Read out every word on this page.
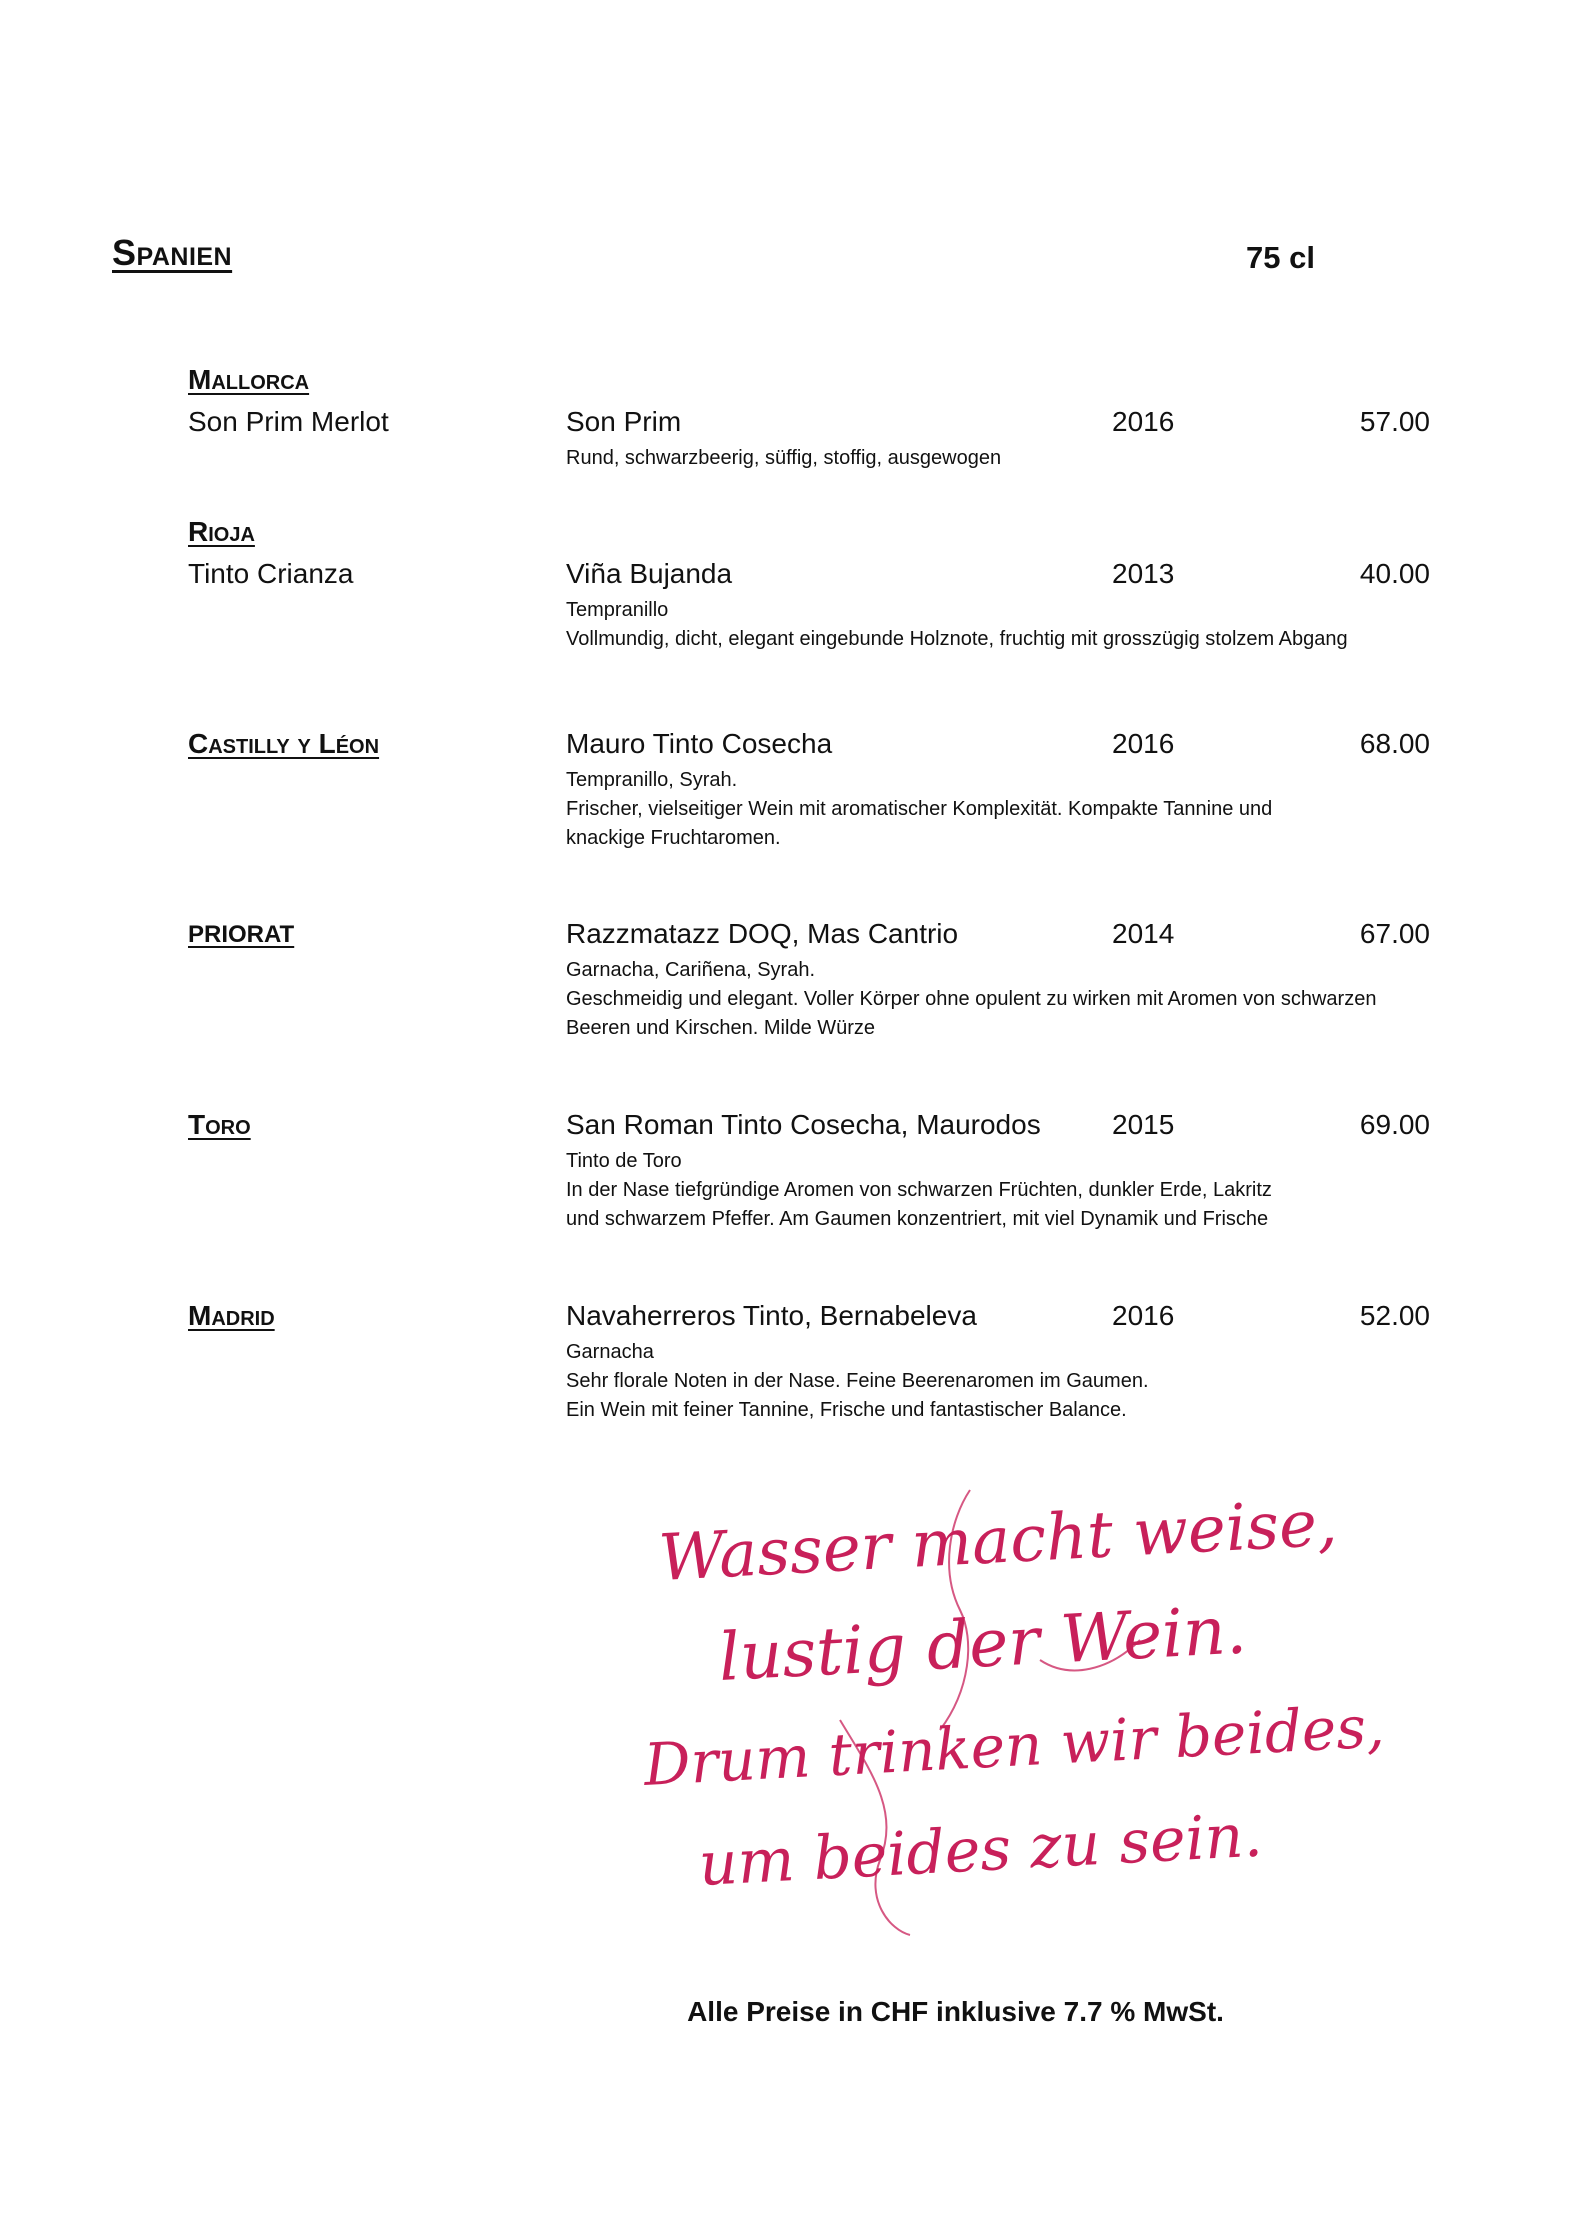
Spanien	75 cl
Mallorca
Son Prim Merlot	Son Prim	2016	57.00
Rund, schwarzbeerig, süffig, stoffig, ausgewogen
Rioja
Tinto Crianza	Viña Bujanda	2013	40.00
Tempranillo
Vollmundig, dicht, elegant eingebunde Holznote, fruchtig mit grosszügig stolzem Abgang
Castilly y Léon	Mauro Tinto Cosecha	2016	68.00
Tempranillo, Syrah.
Frischer, vielseitiger Wein mit aromatischer Komplexität. Kompakte Tannine und
knackige Fruchtaromen.
PRIORAT	Razzmatazz DOQ, Mas Cantrio	2014	67.00
Garnacha, Cariñena, Syrah.
Geschmeidig und elegant. Voller Körper ohne opulent zu wirken mit Aromen von schwarzen
Beeren und Kirschen. Milde Würze
Toro	San Roman Tinto Cosecha, Maurodos	2015	69.00
Tinto de Toro
In der Nase tiefgründige Aromen von schwarzen Früchten, dunkler Erde, Lakritz
und schwarzem Pfeffer. Am Gaumen konzentriert, mit viel Dynamik und Frische
Madrid	Navaherreros Tinto, Bernabeleva	2016	52.00
Garnacha
Sehr florale Noten in der Nase. Feine Beerenaromen im Gaumen.
Ein Wein mit feiner Tannine, Frische und fantastischer Balance.
Wasser macht weise,
lustig der Wein.
Drum trinken wir beides,
um beides zu sein.
Alle Preise in CHF inklusive 7.7 % MwSt.
